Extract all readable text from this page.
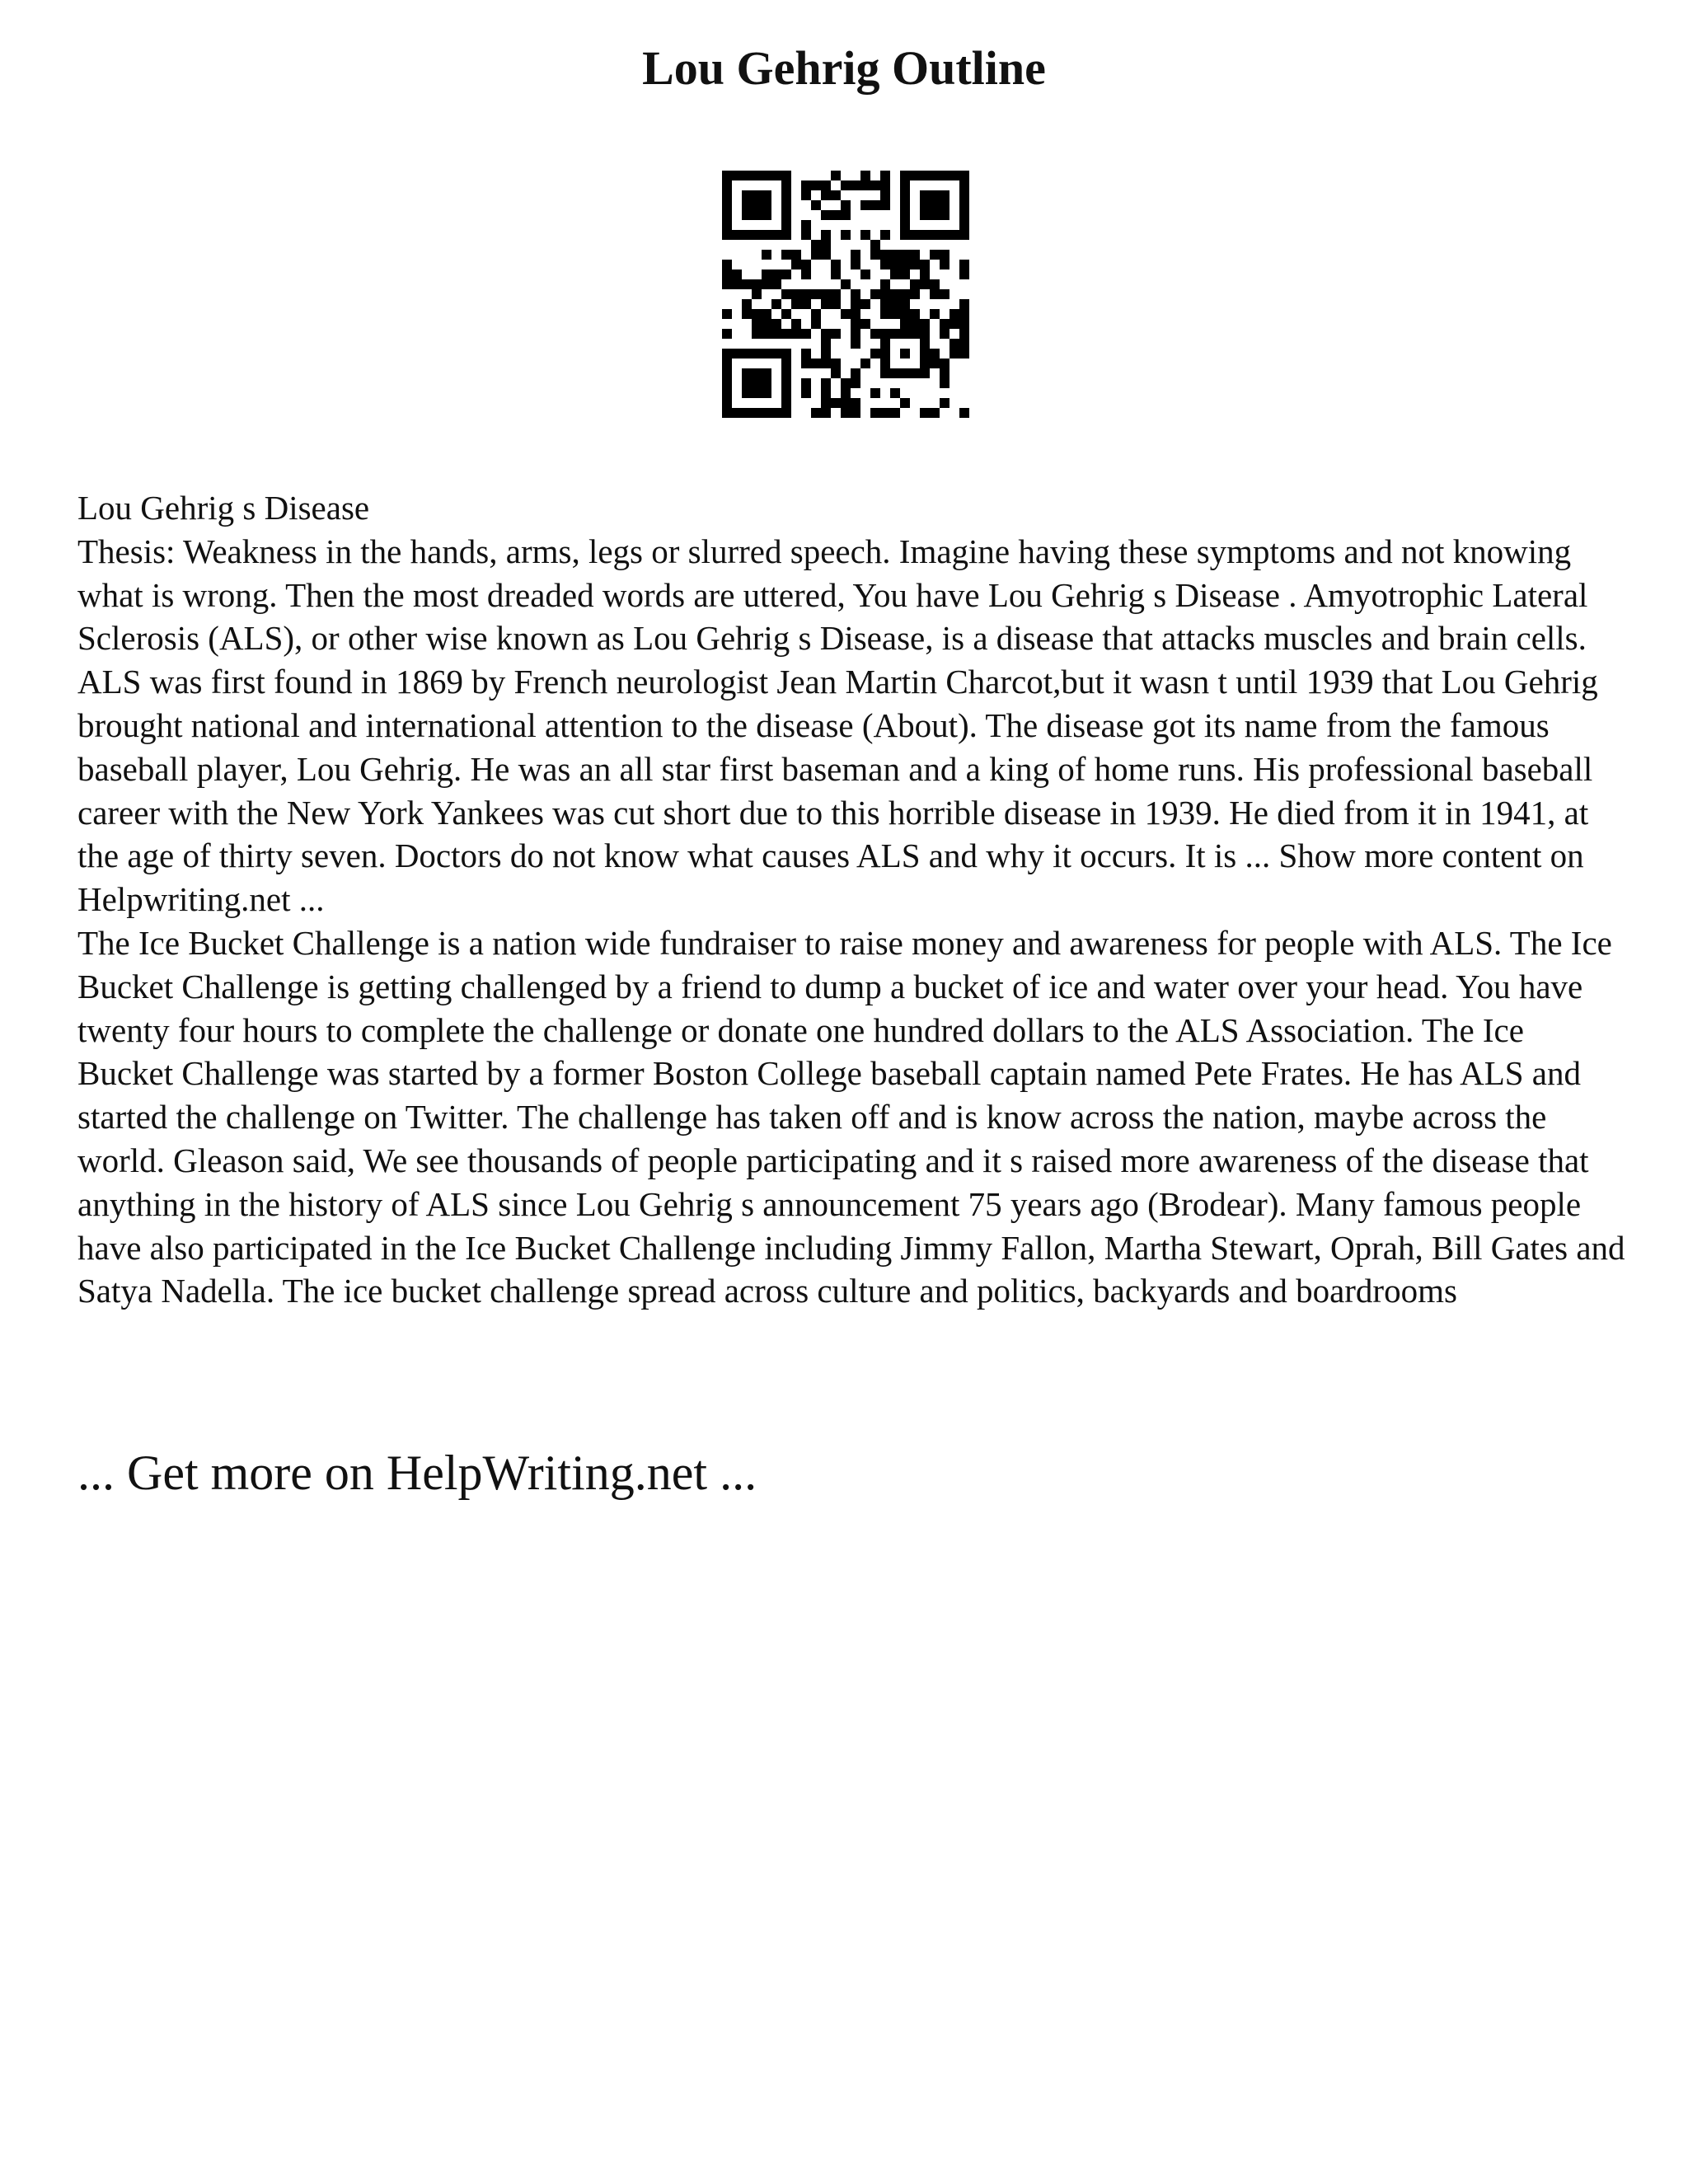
Lou Gehrig Outline

Lou Gehrig s Disease

Thesis: Weakness in the hands, arms, legs or slurred speech. Imagine having these symptoms and not knowing what is wrong. Then the most dreaded words are uttered, You have Lou Gehrig s Disease . Amyotrophic Lateral Sclerosis (ALS), or other wise known as Lou Gehrig s Disease, is a disease that attacks muscles and brain cells. ALS was first found in 1869 by French neurologist Jean Martin Charcot,but it wasn t until 1939 that Lou Gehrig brought national and international attention to the disease (About). The disease got its name from the famous baseball player, Lou Gehrig. He was an all star first baseman and a king of home runs. His professional baseball career with the New York Yankees was cut short due to this horrible disease in 1939. He died from it in 1941, at the age of thirty seven. Doctors do not know what causes ALS and why it occurs. It is ... Show more content on Helpwriting.net ...

The Ice Bucket Challenge is a nation wide fundraiser to raise money and awareness for people with ALS. The Ice Bucket Challenge is getting challenged by a friend to dump a bucket of ice and water over your head. You have twenty four hours to complete the challenge or donate one hundred dollars to the ALS Association. The Ice Bucket Challenge was started by a former Boston College baseball captain named Pete Frates. He has ALS and started the challenge on Twitter. The challenge has taken off and is know across the nation, maybe across the world. Gleason said, We see thousands of people participating and it s raised more awareness of the disease that anything in the history of ALS since Lou Gehrig s announcement 75 years ago (Brodear). Many famous people have also participated in the Ice Bucket Challenge including Jimmy Fallon, Martha Stewart, Oprah, Bill Gates and Satya Nadella. The ice bucket challenge spread across culture and politics, backyards and boardrooms

... Get more on HelpWriting.net ...
